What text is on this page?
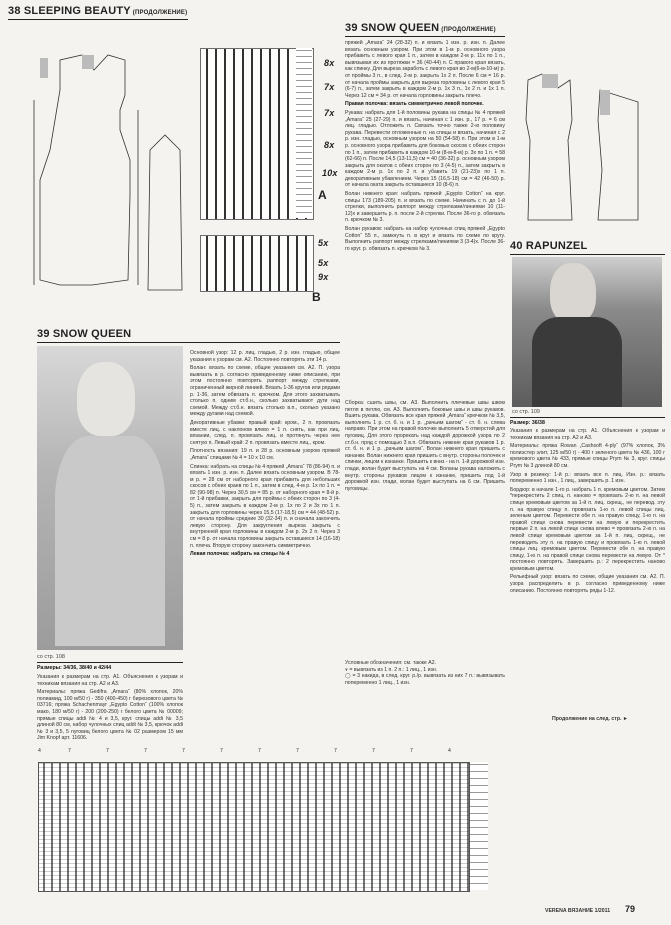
38 SLEEPING BEAUTY (ПРОДОЛЖЕНИЕ)
8x
7x
7x
8x
10x
A
5x
5x
9x
B
39 SNOW QUEEN (ПРОДОЛЖЕНИЕ)

пряжей „Amara“ 24 (28-32) п. и вязать 1 изн. р. изн. п. Далее вязать основным узором. При этом в 1-м р. основного узора прибавить с левого края 1 п., затем в каждом 2-м р. 11х по 1 п., вывязывая их из протяжки = 36 (40-44) п. С правого края вязать, как спинку. Для выреза заработь с левого края во 2-м(6-м-10-м) р. от проймы 3 п., в след. 2-м р. закрыть 1х 2 п. После 6 см = 16 р. от начала проймы закрыть для выреза горловины с левого края 5 (6-7) п., затем закрыть в каждом 2-м р. 1х 3 п., 1х 2 п. и 1х 1 п. Через 12 см = 34 р. от начала горловины закрыть плечо.

Правая полочка: вязать симметрично левой полочке.

Рукава: набрать для 1-й половины рукава на спицы № 4 пряжей „Amara“ 25 (27-29) п. и вязать, начиная с 1 изн. р., 17 р. = 6 см лиц. гладью. Отложить п. Связать точно также 2-ю половину рукава. Перевести отложенные п. на спицы и вязать, начиная с 2 р. изн. гладью, основным узором на 50 (54-58) п. При этом в 1-м р. основного узора прибавить для боковых скосов с обеих сторон по 1 п., затем прибавить в каждом 10-м (8-м-8-м) р. 3х по 1 п. = 58 (62-66) п. После 14,5 (13-11,5) см = 40 (36-32) р. основным узором закрыть для окатов с обеих сторон по 3 (4-5) п., затем закрыть в каждом 2-м р. 1х по 2 п. и убавить 19 (21-23)х по 1 п. декоративным убавлением. Через 15 (16,5-18) см = 42 (46-50) р. от начала оката закрыть оставшиеся 10 (8-6) п.

Волан нижнего края: набрать пряжей „Egypto Cotton“ на круг. спицы 173 (189-205) п. и вязать по схеме. Начинать с п. до 1-й стрелки, выполнить раппорт между стрелками/линиями 10 (11-12)х и завершить р. п. после 2-й стрелки. После 36-го р. обвязать п. крючком № 3.

Волан рукавов: набрать на набор чулочных спиц пряжей „Egypto Cotton“ 55 п., замкнуть п. в круг и вязать по схеме по кругу. Выполнить раппорт между стрелками/линиями 3 (3-4)х. После 36-го круг. р. обвязать п. крючком № 3.

Сборка: сшить швы, см. А3. Выполнить плечевые швы швом петля в петлю, см. А3. Выполнить боковые швы и швы рукавов. Вшить рукава. Обвязать все края пряжей „Amara“ крючком № 3,5, выполнить 1 р. ст. б. н. и 1 р. „рачьим шагом“ - ст. б. н. слева направо. При этом на правой полочке выполнить 5 отверстий для пуговиц. Для этого прорекать над каждой дорожкой узора по 2 ст.б.н. пряд с помощью 3 в.п. Обвязать нижние края рукавов 1 р. ст. б. н. и 1 р. „рачьим шагом“. Волан нижнего края пришить с изнанки. Волан нижнего края пришить с внутр. стороны полочек и спинки, лицом к изнанке. Пришить к вниз - на п. 1-й дорожкой изн. глади, волан будет выступать на 4 см. Воланы рукава наложить с внутр. стороны рукавов лицом к изнанке, пришить под 1-й дорожкой изн. глади, волан будет выступать на 6 см. Пришить пуговицы.

Условные обозначения: см. также А2.
⩔ = вывязать из 1 п. 2 п.: 1 лиц., 1 изн.
◯ = 3 накида, в след. круг. р./р. вывязать из них 7 п.: вывязывать попеременно 1 лиц., 1 изн.
40 RAPUNZEL
со стр. 109
Размер: 36/38

Указания к размерам на стр. А1. Объяснения к узорам и техникам вязания на стр. А2 и А3.

Материалы: пряжа Rowan „Cashsoft 4-ply“ (97% хлопок, 3% полиэстер элит, 125 м/50 г) - 400 г зеленого цвета № 436, 100 г кремового цвета № 433, прямые спицы Prym № 3, круг. спицы Prym № 3 длиной 80 см.

Узор в резинку: 1-й р.: вязать все п. лиц. Изн. р.: вязать попеременно 1 изн., 1 лиц., завершить р. 1 изн.

Бордюр: в начале 1-го р. набрать 1 п. кремовым цветом. Затем *перекрестить 2 спиц. п. наново = провязать 2-ю п. на левой спице кремовым цветом за 1-й п. лиц. скрещ., не перевод. эту п. на правую спицу п. провязать 1-ю п. левой спицы лиц. зеленым цветом. Перевести обе п. на правую спицу, 1-ю п. на правой спице снова перевести на левую и перекрестить первые 2 п. на левой спице снова влево = провязать 2-ю п. на левой спице кремовым цветом за 1-й п. лиц. скрещ., не переводить эту п. на правую спицу и провязать 1-ю п. левой спицы лиц. кремовым цветом. Перевести обе п. на правую спицу, 1-ю п. на правой спице снова перевести на левую. От * постоянно повторять. Завершить р.: 2 перекрестить наново кремовым цветом.

Рельефный узор: вязать по схеме, общие указания см. А2. П. узора распределить в р. согласно приведенному ниже описанию. Постоянно повторять ряды 1-12.

Продолжение на след. стр. ►
39 SNOW QUEEN
со стр. 108
Размеры: 34/36, 38/40 и 42/44

Указания к размерам на стр. А1. Объяснения к узорам и техникам вязания на стр. А2 и А3.

Материалы: пряжа Gedifra „Amara“ (80% хлопок, 20% полиамид, 100 м/50 г) - 350 (400-450) г бирюзового цвета № 03716; пряжа Schachenmayr „Egypto Cotton“ (100% хлопок мако, 180 м/50 г) - 200 (200-250) г белого цвета № 00009; прямые спицы addi № 4 и 3,5, круг. спицы addi № 3,5 длиной 80 см, набор чулочных спиц addi № 3,5, крючок addi № 3 и 3,5, 5 пуговиц белого цвета № 02 размером 15 мм Jim Knopf арт. 11606.

Основной узор: 12 р. лиц. гладью, 2 р. изн. гладью, общее указания к узорам см. А2. Постоянно повторять эти 14 р.

Волан: вязать по схеме, общие указания см. А2. П. узора вывязать в р. согласно приведенному ниже описанию, при этом постоянно повторять раппорт между стрелками, ограниченный жирной линией. Вязать 1-36 кругов или рядами р. 1-36, затем обвязать п. крючком. Для этого захватывать столько п. одним ст.б.н., сколько захватывают дуги над схемой. Между ст.б.н. вязать столько в.п., сколько указано между дугами над схемой.

Декоративные убавки: правый край: кром., 2 п. провязать вместе лиц. с наклоном влево = 1 п. снять, как при лиц. вязании, след. п. провязать лиц. и протянуть через нее снятую п. Левый край: 2 п. провязать вместе лиц., кром.

Плотность вязания: 19 п. и 28 р. основным узором пряжей „Amara“ спицами № 4 = 10 х 10 см.

Спинка: набрать на спицы № 4 пряжей „Amara“ 78 (86-94) п. и вязать 1 изн. р. изн. п. Далее вязать основным узором. В 78-м р. = 28 см от наборного края прибавить для небольших скосов с обеих краев по 1 п., затем в след. 4-м р. 1х по 1 п. = 82 (90-98) п. Через 30,5 см = 85 р. от наборного края = 8-й р. от 1-й прибавки, закрыть для проймы с обеих сторон по 3 (4-5) п., затем закрыть в каждом 2-м р. 1х по 2 и 3х по 1 п. закрыть для горловины через 15,5 (17-18,5) см = 44 (48-52) р. от начала проймы средние 30 (32-34) п. и сначала закончить левую сторону. Для закругления выреза закрыть с внутренней края горловины в каждом 2-м р. 2х 2 п. Через 3 см = 8 р. от начала горловины закрыть оставшиеся 14 (16-18) п. плеча. Вторую сторону закончить симметрично.

Левая полочка: набрать на спицы № 4

4	7	7	7	7	7	7	7	7	7	7	4
VERENA ВЯЗАНИЕ 1/2011	79
